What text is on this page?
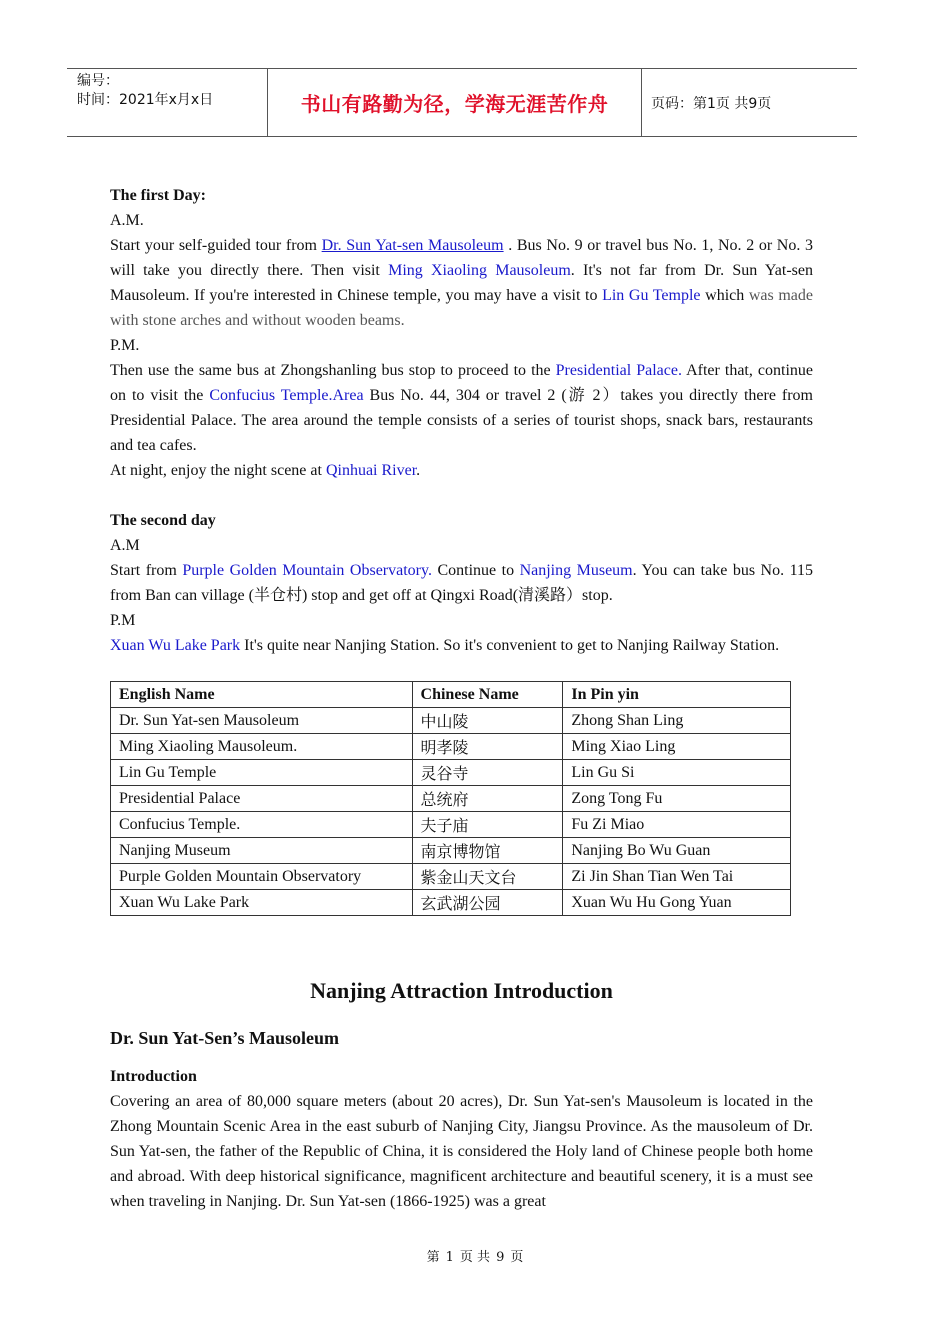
编号：
时间：2021年x月x日	书山有路勤为径，学海无涯苦作舟	页码：第1页 共9页

The first Day:

A.M.

Start your self-guided tour from Dr. Sun Yat-sen Mausoleum . Bus No. 9 or travel bus No. 1, No. 2 or No. 3 will take you directly there. Then visit Ming Xiaoling Mausoleum. It's not far from Dr. Sun Yat-sen Mausoleum. If you're interested in Chinese temple, you may have a visit to Lin Gu Temple which was made with stone arches and without wooden beams.

P.M.

Then use the same bus at Zhongshanling bus stop to proceed to the Presidential Palace. After that, continue on to visit the Confucius Temple.Area Bus No. 44, 304 or travel 2 (游 2）takes you directly there from Presidential Palace. The area around the temple consists of a series of tourist shops, snack bars, restaurants and tea cafes.

At night, enjoy the night scene at Qinhuai River.

The second day

A.M

Start from Purple Golden Mountain Observatory. Continue to Nanjing Museum. You can take bus No. 115 from Ban can village (半仓村) stop and get off at Qingxi Road(清溪路）stop.

P.M

Xuan Wu Lake Park It's quite near Nanjing Station. So it's convenient to get to Nanjing Railway Station.

English Name	Chinese Name	In Pin yin
Dr. Sun Yat-sen Mausoleum	中山陵	Zhong Shan Ling
Ming Xiaoling Mausoleum.	明孝陵	Ming Xiao Ling
Lin Gu Temple	灵谷寺	Lin Gu Si
Presidential Palace	总统府	Zong Tong Fu
Confucius Temple.	夫子庙	Fu Zi Miao
Nanjing Museum	南京博物馆	Nanjing Bo Wu Guan
Purple Golden Mountain Observatory	紫金山天文台	Zi Jin Shan Tian Wen Tai
Xuan Wu Lake Park	玄武湖公园	Xuan Wu Hu Gong Yuan
Nanjing Attraction Introduction
Dr. Sun Yat-Sen’s Mausoleum

Introduction

Covering an area of 80,000 square meters (about 20 acres), Dr. Sun Yat-sen's Mausoleum is located in the Zhong Mountain Scenic Area in the east suburb of Nanjing City, Jiangsu Province. As the mausoleum of Dr. Sun Yat-sen, the father of the Republic of China, it is considered the Holy land of Chinese people both home and abroad. With deep historical significance, magnificent architecture and beautiful scenery, it is a must see when traveling in Nanjing. Dr. Sun Yat-sen (1866-1925) was a great

第 1 页 共 9 页
